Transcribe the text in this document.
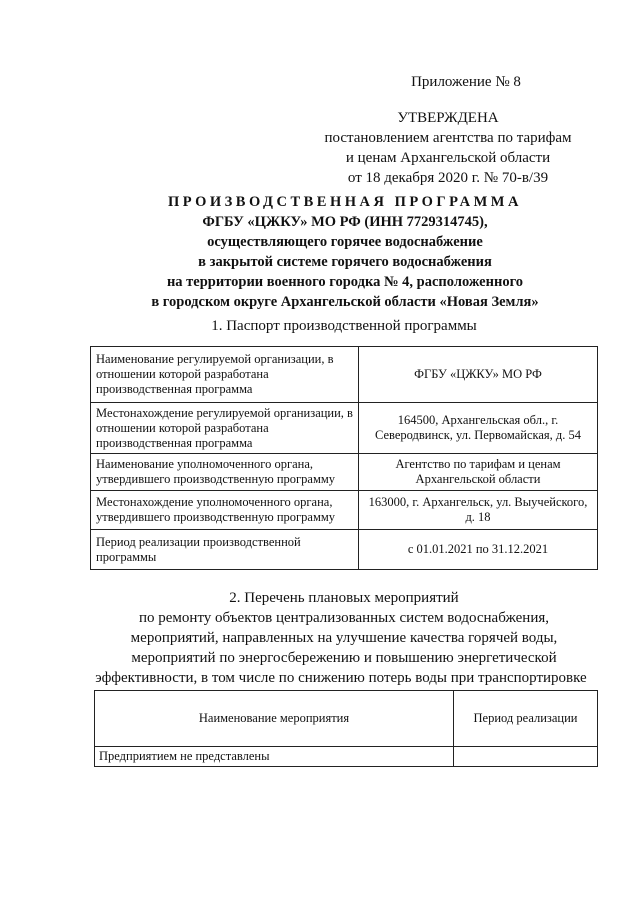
Приложение № 8
УТВЕРЖДЕНА
постановлением агентства по тарифам
и ценам Архангельской области
от 18 декабря 2020 г. № 70-в/39
ПРОИЗВОДСТВЕННАЯ ПРОГРАММА
ФГБУ «ЦЖКУ» МО РФ (ИНН 7729314745),
осуществляющего горячее водоснабжение
в закрытой системе горячего водоснабжения
на территории военного городка № 4, расположенного
в городском округе Архангельской области «Новая Земля»
1. Паспорт производственной программы
Наименование регулируемой организации, в отношении которой разработана производственная программа	ФГБУ «ЦЖКУ» МО РФ
Местонахождение регулируемой организации, в отношении которой разработана производственная программа	164500, Архангельская обл., г. Северодвинск, ул. Первомайская, д. 54
Наименование уполномоченного органа, утвердившего производственную программу	Агентство по тарифам и ценам Архангельской области
Местонахождение уполномоченного органа, утвердившего производственную программу	163000, г. Архангельск, ул. Выучейского, д. 18
Период реализации производственной программы	с 01.01.2021 по 31.12.2021
2. Перечень плановых мероприятий
по ремонту объектов централизованных систем водоснабжения,
мероприятий, направленных на улучшение качества горячей воды,
мероприятий по энергосбережению и повышению энергетической
эффективности, в том числе по снижению потерь воды при транспортировке
Наименование мероприятия	Период реализации
Предприятием не представлены	
